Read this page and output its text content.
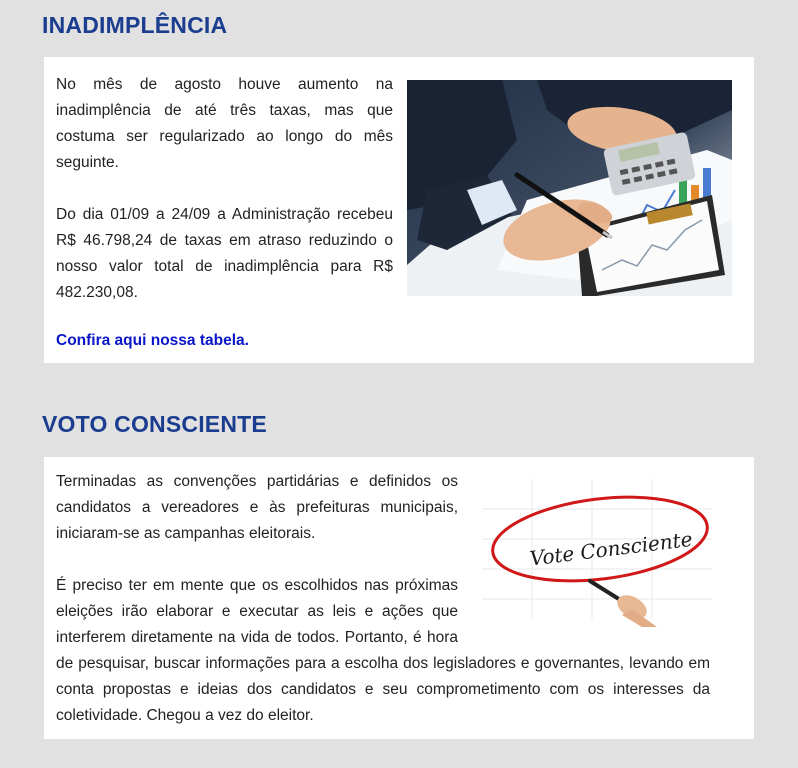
INADIMPLÊNCIA

No mês de agosto houve aumento na inadimplência de até três taxas, mas que costuma ser regularizado ao longo do mês seguinte.

Do dia 01/09 a 24/09 a Administração recebeu R$ 46.798,24 de taxas em atraso reduzindo o nosso valor total de inadimplência para R$ 482.230,08.

Confira aqui nossa tabela.
VOTO CONSCIENTE
Vote Consciente

Terminadas as convenções partidárias e definidos os candidatos a vereadores e às prefeituras municipais, iniciaram-se as campanhas eleitorais.

É preciso ter em mente que os escolhidos nas próximas eleições irão elaborar e executar as leis e ações que interferem diretamente na vida de todos. Portanto, é hora de pesquisar, buscar informações para a escolha dos legisladores e governantes, levando em conta propostas e ideias dos candidatos e seu comprometimento com os interesses da coletividade. Chegou a vez do eleitor.
